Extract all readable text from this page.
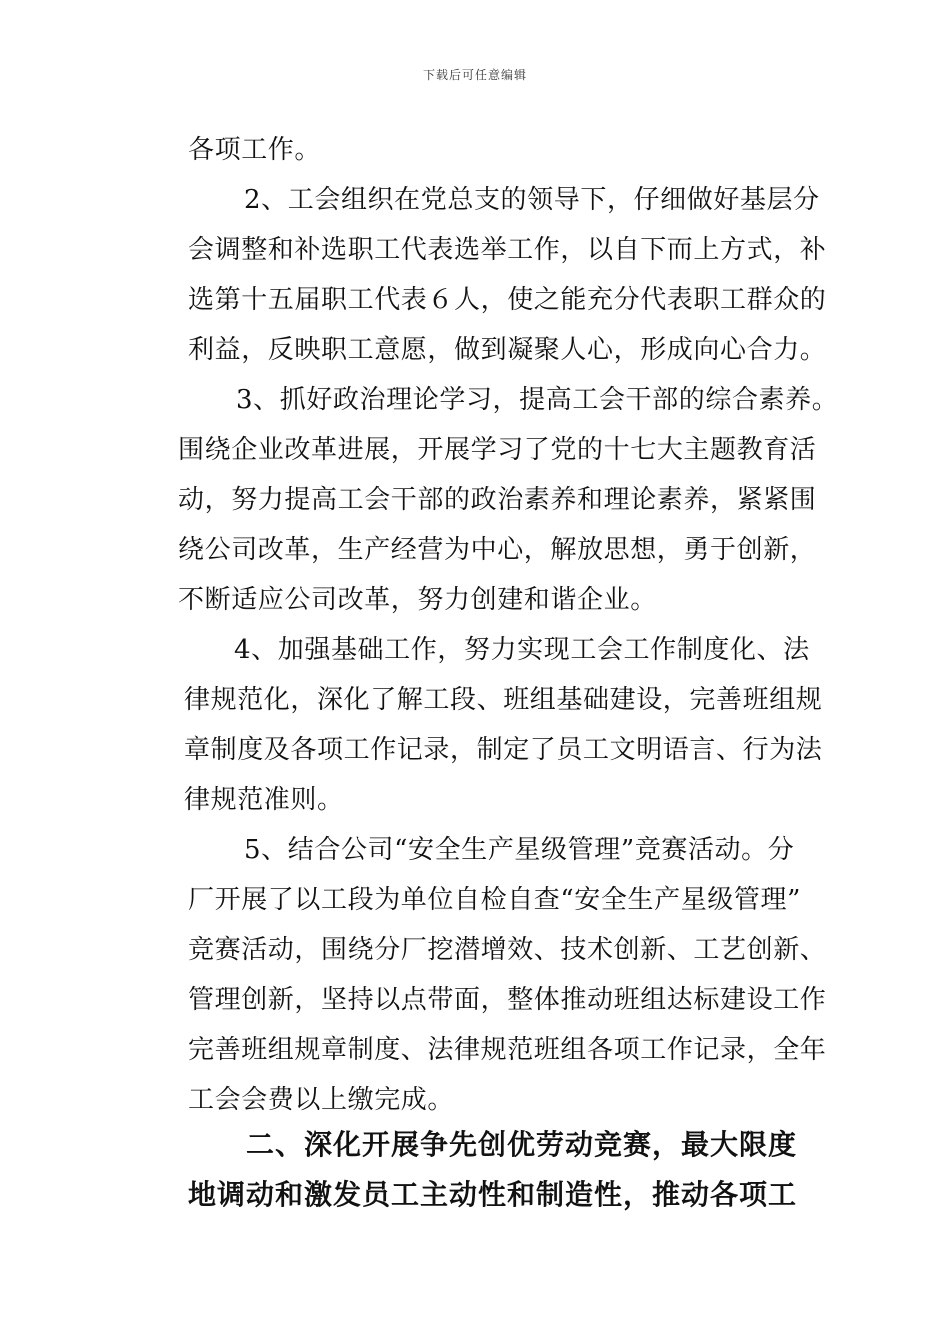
下载后可任意编辑
各项工作。
2、工会组织在党总支的领导下，仔细做好基层分
会调整和补选职工代表选举工作，以自下而上方式，补
选第十五届职工代表６人，使之能充分代表职工群众的
利益，反映职工意愿，做到凝聚人心，形成向心合力。
3、抓好政治理论学习，提高工会干部的综合素养。
围绕企业改革进展，开展学习了党的十七大主题教育活
动，努力提高工会干部的政治素养和理论素养，紧紧围
绕公司改革，生产经营为中心，解放思想，勇于创新，
不断适应公司改革，努力创建和谐企业。
4、加强基础工作，努力实现工会工作制度化、法
律规范化，深化了解工段、班组基础建设，完善班组规
章制度及各项工作记录，制定了员工文明语言、行为法
律规范准则。
5、结合公司“安全生产星级管理”竞赛活动。分
厂开展了以工段为单位自检自查“安全生产星级管理”
竞赛活动，围绕分厂挖潜增效、技术创新、工艺创新、
管理创新，坚持以点带面，整体推动班组达标建设工作
完善班组规章制度、法律规范班组各项工作记录，全年
工会会费以上缴完成。
二、深化开展争先创优劳动竞赛，最大限度
地调动和激发员工主动性和制造性，推动各项工
